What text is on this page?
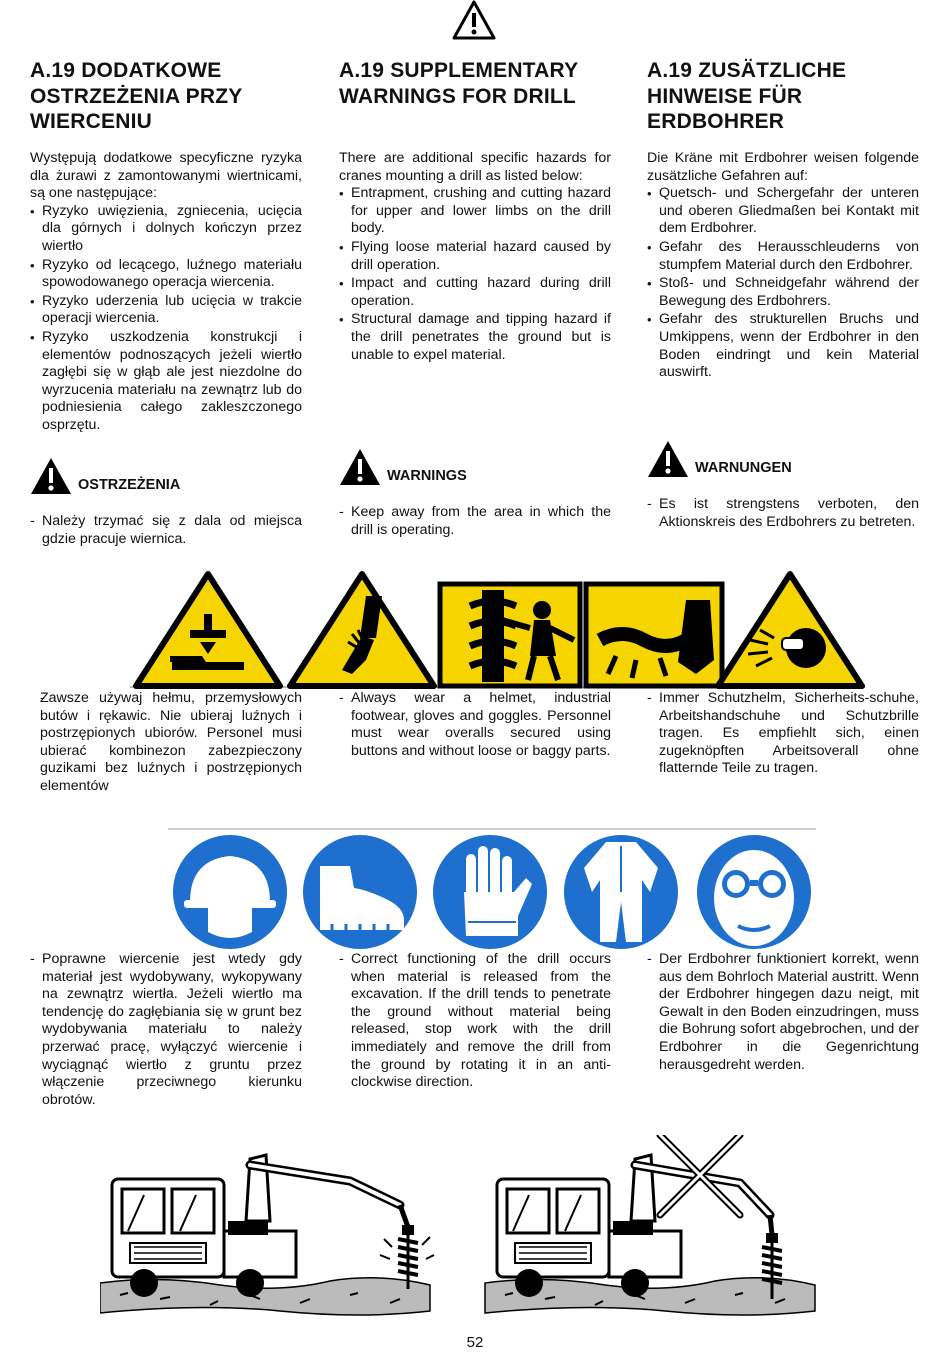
A.19 DODATKOWE OSTRZEŻENIA PRZY WIERCENIU

Występują dodatkowe specyficzne ryzyka dla żurawi z zamontowanymi wiertnicami, są one następujące:

• Ryzyko uwięzienia, zgniecenia, ucięcia dla górnych i dolnych kończyn przez wiertło
• Ryzyko od lecącego, luźnego materiału spowodowanego operacja wiercenia.
• Ryzyko uderzenia lub ucięcia w trakcie operacji wiercenia.
• Ryzyko uszkodzenia konstrukcji i elementów podnoszących jeżeli wiertło zagłębi się w głąb ale jest niezdolne do wyrzucenia materiału na zewnątrz lub do podniesienia całego zakleszczonego osprzętu.
OSTRZEŻENIA
- Należy trzymać się z dala od miejsca gdzie pracuje wiernica.
A.19 SUPPLEMENTARY WARNINGS FOR DRILL

There are additional specific hazards for cranes mounting a drill as listed below:

• Entrapment, crushing and cutting hazard for upper and lower limbs on the drill body.
• Flying loose material hazard caused by drill operation.
• Impact and cutting hazard during drill operation.
• Structural damage and tipping hazard if the drill penetrates the ground but is unable to expel material.
WARNINGS
- Keep away from the area in which the drill is operating.
A.19 ZUSÄTZLICHE HINWEISE FÜR ERDBOHRER

Die Kräne mit Erdbohrer weisen folgende zusätzliche Gefahren auf:

• Quetsch- und Schergefahr der unteren und oberen Gliedmaßen bei Kontakt mit dem Erdbohrer.
• Gefahr des Herausschleuderns von stumpfem Material durch den Erdbohrer.
• Stoß- und Schneidgefahr während der Bewegung des Erdbohrers.
• Gefahr des strukturellen Bruchs und Umkippens, wenn der Erdbohrer in den Boden eindringt und kein Material auswirft.
WARNUNGEN
- Es ist strengstens verboten, den Aktionskreis des Erdbohrers zu betreten.
- Zawsze używaj hełmu, przemysłowych butów i rękawic. Nie ubieraj luźnych i postrzępionych ubiorów. Personel musi ubierać kombinezon zabezpieczony guzikami bez luźnych i postrzępionych elementów
- Always wear a helmet, industrial footwear, gloves and goggles. Personnel must wear overalls secured using buttons and without loose or baggy parts.
- Immer Schutzhelm, Sicherheits-schuhe, Arbeitshandschuhe und Schutzbrille tragen. Es empfiehlt sich, einen zugeknöpften Arbeitsoverall ohne flatternde Teile zu tragen.
- Poprawne wiercenie jest wtedy gdy materiał jest wydobywany, wykopywany na zewnątrz wiertła. Jeżeli wiertło ma tendencję do zagłębiania się w grunt bez wydobywania materiału to należy przerwać pracę, wyłączyć wiercenie i wyciągnąć wiertło z gruntu przez włączenie przeciwnego kierunku obrotów.
- Correct functioning of the drill occurs when material is released from the excavation. If the drill tends to penetrate the ground without material being released, stop work with the drill immediately and remove the drill from the ground by rotating it in an anti-clockwise direction.
- Der Erdbohrer funktioniert korrekt, wenn aus dem Bohrloch Material austritt. Wenn der Erdbohrer hingegen dazu neigt, mit Gewalt in den Boden einzudringen, muss die Bohrung sofort abgebrochen, und der Erdbohrer in die Gegenrichtung herausgedreht werden.
52
